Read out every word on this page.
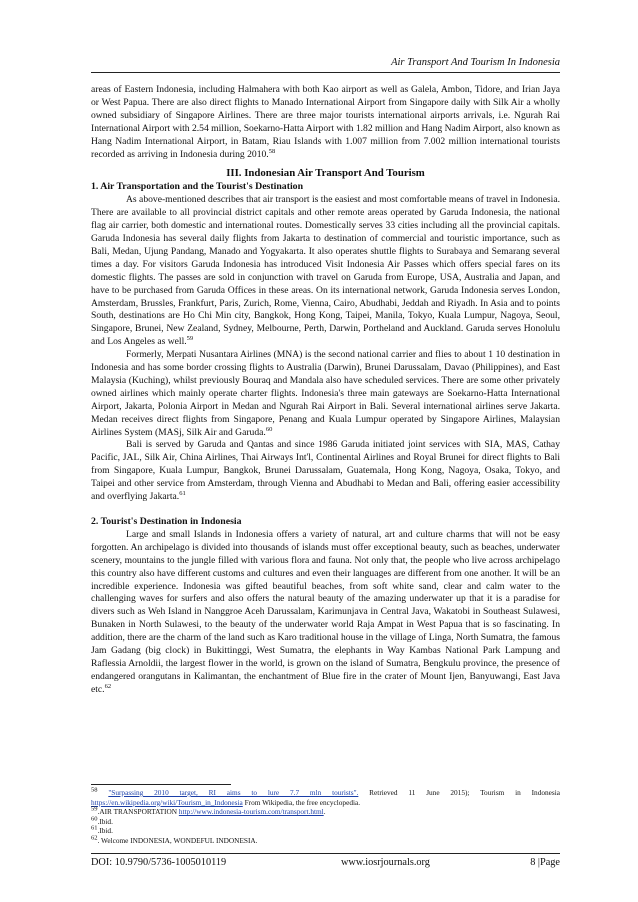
Air Transport And Tourism In Indonesia

areas of Eastern Indonesia, including Halmahera with both Kao airport as well as Galela, Ambon, Tidore, and Irian Jaya or West Papua. There are also direct flights to Manado International Airport from Singapore daily with Silk Air a wholly owned subsidiary of Singapore Airlines. There are three major tourists international airports arrivals, i.e. Ngurah Rai International Airport with 2.54 million, Soekarno-Hatta Airport with 1.82 million and Hang Nadim Airport, also known as Hang Nadim International Airport, in Batam, Riau Islands with 1.007 million from 7.002 million international tourists recorded as arriving in Indonesia during 2010.58

III. Indonesian Air Transport And Tourism
1. Air Transportation and the Tourist's Destination

As above-mentioned describes that air transport is the easiest and most comfortable means of travel in Indonesia. There are available to all provincial district capitals and other remote areas operated by Garuda Indonesia, the national flag air carrier, both domestic and international routes. Domestically serves 33 cities including all the provincial capitals. Garuda Indonesia has several daily flights from Jakarta to destination of commercial and touristic importance, such as Bali, Medan, Ujung Pandang, Manado and Yogyakarta. It also operates shuttle flights to Surabaya and Semarang several times a day. For visitors Garuda Indonesia has introduced Visit Indonesia Air Passes which offers special fares on its domestic flights. The passes are sold in conjunction with travel on Garuda from Europe, USA, Australia and Japan, and have to be purchased from Garuda Offices in these areas. On its international network, Garuda Indonesia serves London, Amsterdam, Brussles, Frankfurt, Paris, Zurich, Rome, Vienna, Cairo, Abudhabi, Jeddah and Riyadh. In Asia and to points South, destinations are Ho Chi Min city, Bangkok, Hong Kong, Taipei, Manila, Tokyo, Kuala Lumpur, Nagoya, Seoul, Singapore, Brunei, New Zealand, Sydney, Melbourne, Perth, Darwin, Portheland and Auckland. Garuda serves Honolulu and Los Angeles as well.$^{59}$

Formerly, Merpati Nusantara Airlines (MNA) is the second national carrier and flies to about 1 10 destination in Indonesia and has some border crossing flights to Australia (Darwin), Brunei Darussalam, Davao (Philippines), and East Malaysia (Kuching), whilst previously Bouraq and Mandala also have scheduled services. There are some other privately owned airlines which mainly operate charter flights. Indonesia's three main gateways are Soekarno-Hatta International Airport, Jakarta, Polonia Airport in Medan and Ngurah Rai Airport in Bali. Several international airlines serve Jakarta. Medan receives direct flights from Singapore, Penang and Kuala Lumpur operated by Singapore Airlines, Malaysian Airlines System (MASj, Silk Air and Garuda.$^{60}$

Bali is served by Garuda and Qantas and since 1986 Garuda initiated joint services with SIA, MAS, Cathay Pacific, JAL, Silk Air, China Airlines, Thai Airways Int'l, Continental Airlines and Royal Brunei for direct flights to Bali from Singapore, Kuala Lumpur, Bangkok, Brunei Darussalam, Guatemala, Hong Kong, Nagoya, Osaka, Tokyo, and Taipei and other service from Amsterdam, through Vienna and Abudhabi to Medan and Bali, offering easier accessibility and overflying Jakarta.$^{61}$

2. Tourist's Destination in Indonesia

Large and small Islands in Indonesia offers a variety of natural, art and culture charms that will not be easy forgotten. An archipelago is divided into thousands of islands must offer exceptional beauty, such as beaches, underwater scenery, mountains to the jungle filled with various flora and fauna. Not only that, the people who live across archipelago this country also have different customs and cultures and even their languages are different from one another. It will be an incredible experience. Indonesia was gifted beautiful beaches, from soft white sand, clear and calm water to the challenging waves for surfers and also offers the natural beauty of the amazing underwater up that it is a paradise for divers such as Weh Island in Nanggroe Aceh Darussalam, Karimunjava in Central Java, Wakatobi in Southeast Sulawesi, Bunaken in North Sulawesi, to the beauty of the underwater world Raja Ampat in West Papua that is so fascinating. In addition, there are the charm of the land such as Karo traditional house in the village of Linga, North Sumatra, the famous Jam Gadang (big clock) in Bukittinggi, West Sumatra, the elephants in Way Kambas National Park Lampung and Raflessia Arnoldii, the largest flower in the world, is grown on the island of Sumatra, Bengkulu province, the presence of endangered orangutans in Kalimantan, the enchantment of Blue fire in the crater of Mount Ijen, Banyuwangi, East Java etc.$^{62}$

$^{58}$ "Surpassing 2010 target, RI aims to lure 7.7 mln tourists". Retrieved 11 June 2015); Tourism in Indonesia https://en.wikipedia.org/wiki/Tourism_in_Indonesia From Wikipedia, the free encyclopedia.

$^{59}$.AIR TRANSPORTATION http://www.indonesia-tourism.com/transport.html.

$^{60}$.Ibid.

$^{61}$.Ibid.

$^{62}$. Welcome INDONESIA, WONDEFUL INDONESIA.

DOI: 10.9790/5736-1005010119	www.iosrjournals.org	8 |Page
